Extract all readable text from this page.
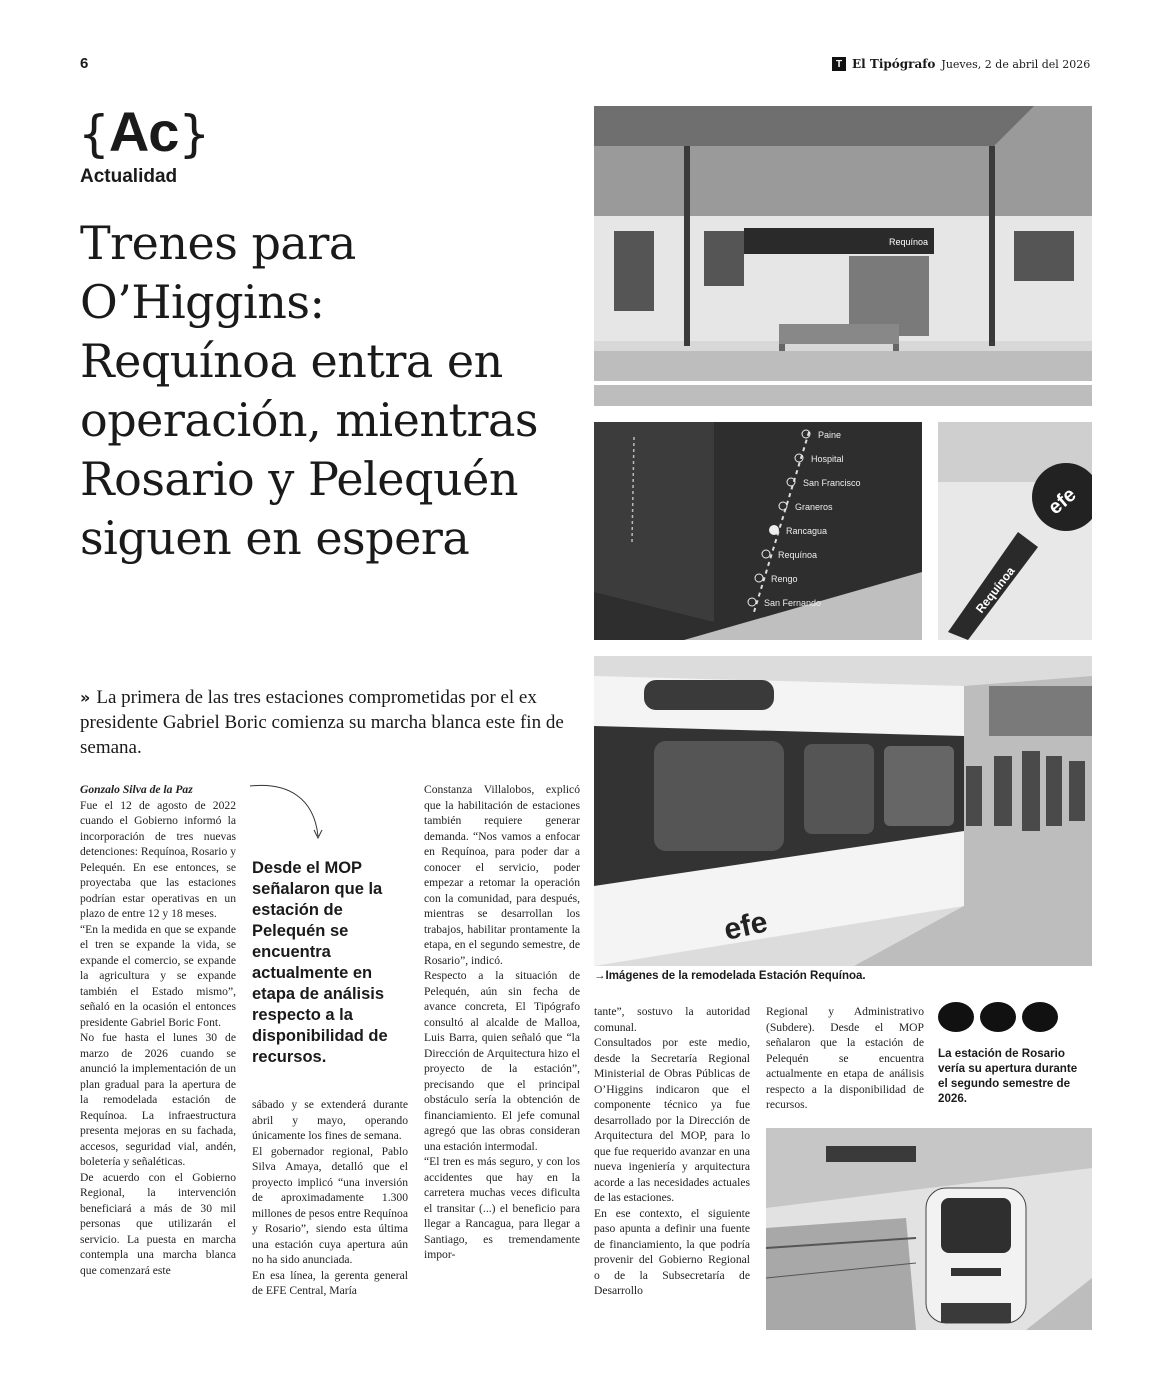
6	T El Tipógrafo Jueves, 2 de abril del 2026
{Ac}
Actualidad
Trenes para
O’Higgins:
Requínoa entra en
operación, mientras
Rosario y Pelequén
siguen en espera
» La primera de las tres estaciones comprometidas por el ex presidente Gabriel Boric comienza su marcha blanca este fin de semana.

Gonzalo Silva de la Paz

Fue el 12 de agosto de 2022 cuando el Gobierno informó la incorporación de tres nuevas detenciones: Requínoa, Rosario y Pelequén. En ese entonces, se proyectaba que las estaciones podrían estar operativas en un plazo de entre 12 y 18 meses.

“En la medida en que se expande el tren se expande la vida, se expande el comercio, se expande la agricultura y se expande también el Estado mismo”, señaló en la ocasión el entonces presidente Gabriel Boric Font.

No fue hasta el lunes 30 de marzo de 2026 cuando se anunció la implementación de un plan gradual para la apertura de la remodelada estación de Requínoa. La infraestructura presenta mejoras en su fachada, accesos, seguridad vial, andén, boletería y señaléticas.

De acuerdo con el Gobierno Regional, la intervención beneficiará a más de 30 mil personas que utilizarán el servicio. La puesta en marcha contempla una marcha blanca que comenzará este

Desde el MOP señalaron que la estación de Pelequén se encuentra actualmente en etapa de análisis respecto a la disponibilidad de recursos.

sábado y se extenderá durante abril y mayo, operando únicamente los fines de semana.

El gobernador regional, Pablo Silva Amaya, detalló que el proyecto implicó “una inversión de aproximadamente 1.300 millones de pesos entre Requínoa y Rosario”, siendo esta última una estación cuya apertura aún no ha sido anunciada.

En esa línea, la gerenta general de EFE Central, María

Constanza Villalobos, explicó que la habilitación de estaciones también requiere generar demanda. “Nos vamos a enfocar en Requínoa, para poder dar a conocer el servicio, poder empezar a retomar la operación con la comunidad, para después, mientras se desarrollan los trabajos, habilitar prontamente la etapa, en el segundo semestre, de Rosario”, indicó.

Respecto a la situación de Pelequén, aún sin fecha de avance concreta, El Tipógrafo consultó al alcalde de Malloa, Luis Barra, quien señaló que “la Dirección de Arquitectura hizo el proyecto de la estación”, precisando que el principal obstáculo sería la obtención de financiamiento. El jefe comunal agregó que las obras consideran una estación intermodal.

“El tren es más seguro, y con los accidentes que hay en la carretera muchas veces dificulta el transitar (...) el beneficio para llegar a Rancagua, para llegar a Santiago, es tremendamente impor-

tante”, sostuvo la autoridad comunal.

Consultados por este medio, desde la Secretaría Regional Ministerial de Obras Públicas de O’Higgins indicaron que el componente técnico ya fue desarrollado por la Dirección de Arquitectura del MOP, para lo que fue requerido avanzar en una nueva ingeniería y arquitectura acorde a las necesidades actuales de las estaciones.

En ese contexto, el siguiente paso apunta a definir una fuente de financiamiento, la que podría provenir del Gobierno Regional o de la Subsecretaría de Desarrollo

Regional y Administrativo (Subdere). Desde el MOP señalaron que la estación de Pelequén se encuentra actualmente en etapa de análisis respecto a la disponibilidad de recursos.

La estación de Rosario vería su apertura durante el segundo semestre de 2026.
→Imágenes de la remodelada Estación Requínoa.
Requínoa
Paine
Hospital
San Francisco
Graneros
Rancagua
Requínoa
Rengo
San Fernando
efe
Requínoa
efe
